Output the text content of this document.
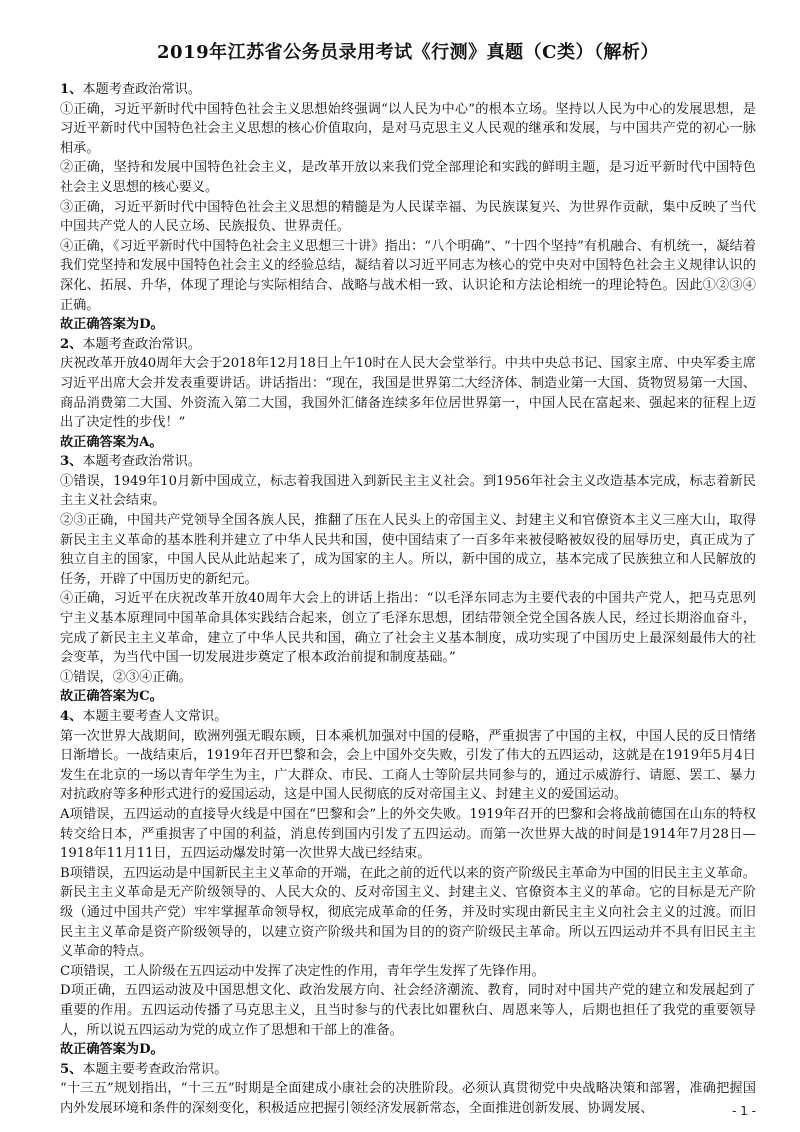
2019年江苏省公务员录用考试《行测》真题（C类）（解析）

1、本题考查政治常识。

①正确，习近平新时代中国特色社会主义思想始终强调“以人民为中心”的根本立场。坚持以人民为中心的发展思想，是习近平新时代中国特色社会主义思想的核心价值取向，是对马克思主义人民观的继承和发展，与中国共产党的初心一脉相承。

②正确，坚持和发展中国特色社会主义，是改革开放以来我们党全部理论和实践的鲜明主题，是习近平新时代中国特色社会主义思想的核心要义。

③正确，习近平新时代中国特色社会主义思想的精髓是为人民谋幸福、为民族谋复兴、为世界作贡献，集中反映了当代中国共产党人的人民立场、民族报负、世界责任。

④正确，《习近平新时代中国特色社会主义思想三十讲》指出：“八个明确”、“十四个坚持”有机融合、有机统一，凝结着我们党坚持和发展中国特色社会主义的经验总结，凝结着以习近平同志为核心的党中央对中国特色社会主义规律认识的深化、拓展、升华，体现了理论与实际相结合、战略与战术相一致、认识论和方法论相统一的理论特色。因此①②③④正确。

故正确答案为D。

2、本题考查政治常识。

庆祝改革开放40周年大会于2018年12月18日上午10时在人民大会堂举行。中共中央总书记、国家主席、中央军委主席习近平出席大会并发表重要讲话。讲话指出：“现在，我国是世界第二大经济体、制造业第一大国、货物贸易第一大国、商品消费第二大国、外资流入第二大国，我国外汇储备连续多年位居世界第一，中国人民在富起来、强起来的征程上迈出了决定性的步伐！”

故正确答案为A。

3、本题考查政治常识。

①错误，1949年10月新中国成立，标志着我国进入到新民主主义社会。到1956年社会主义改造基本完成，标志着新民主主义社会结束。

②③正确，中国共产党领导全国各族人民，推翻了压在人民头上的帝国主义、封建主义和官僚资本主义三座大山，取得新民主主义革命的基本胜利并建立了中华人民共和国，使中国结束了一百多年来被侵略被奴役的屈辱历史，真正成为了独立自主的国家，中国人民从此站起来了，成为国家的主人。所以，新中国的成立，基本完成了民族独立和人民解放的任务，开辟了中国历史的新纪元。

④正确，习近平在庆祝改革开放40周年大会上的讲话上指出：“以毛泽东同志为主要代表的中国共产党人，把马克思列宁主义基本原理同中国革命具体实践结合起来，创立了毛泽东思想，团结带领全党全国各族人民，经过长期浴血奋斗，完成了新民主主义革命，建立了中华人民共和国，确立了社会主义基本制度，成功实现了中国历史上最深刻最伟大的社会变革，为当代中国一切发展进步奠定了根本政治前提和制度基础。”

①错误，②③④正确。

故正确答案为C。

4、本题主要考查人文常识。

第一次世界大战期间，欧洲列强无暇东顾，日本乘机加强对中国的侵略，严重损害了中国的主权，中国人民的反日情绪日渐增长。一战结束后，1919年召开巴黎和会，会上中国外交失败，引发了伟大的五四运动，这就是在1919年5月4日发生在北京的一场以青年学生为主，广大群众、市民、工商人士等阶层共同参与的，通过示威游行、请愿、罢工、暴力对抗政府等多种形式进行的爱国运动，这是中国人民彻底的反对帝国主义、封建主义的爱国运动。

A项错误，五四运动的直接导火线是中国在“巴黎和会”上的外交失败。1919年召开的巴黎和会将战前德国在山东的特权转交给日本，严重损害了中国的利益，消息传到国内引发了五四运动。而第一次世界大战的时间是1914年7月28日—1918年11月11日，五四运动爆发时第一次世界大战已经结束。

B项错误，五四运动是中国新民主主义革命的开端，在此之前的近代以来的资产阶级民主革命为中国的旧民主主义革命。新民主主义革命是无产阶级领导的、人民大众的、反对帝国主义、封建主义、官僚资本主义的革命。它的目标是无产阶级（通过中国共产党）牢牢掌握革命领导权，彻底完成革命的任务，并及时实现由新民主主义向社会主义的过渡。而旧民主主义革命是资产阶级领导的，以建立资产阶级共和国为目的的资产阶级民主革命。所以五四运动并不具有旧民主主义革命的特点。

C项错误，工人阶级在五四运动中发挥了决定性的作用，青年学生发挥了先锋作用。

D项正确，五四运动波及中国思想文化、政治发展方向、社会经济潮流、教育，同时对中国共产党的建立和发展起到了重要的作用。五四运动传播了马克思主义，且当时参与的代表比如瞿秋白、周恩来等人，后期也担任了我党的重要领导人，所以说五四运动为党的成立作了思想和干部上的准备。

故正确答案为D。

5、本题主要考查政治常识。

“十三五”规划指出，“十三五”时期是全面建成小康社会的决胜阶段。必须认真贯彻党中央战略决策和部署，准确把握国内外发展环境和条件的深刻变化，积极适应把握引领经济发展新常态，全面推进创新发展、协调发展、	- 1 -
